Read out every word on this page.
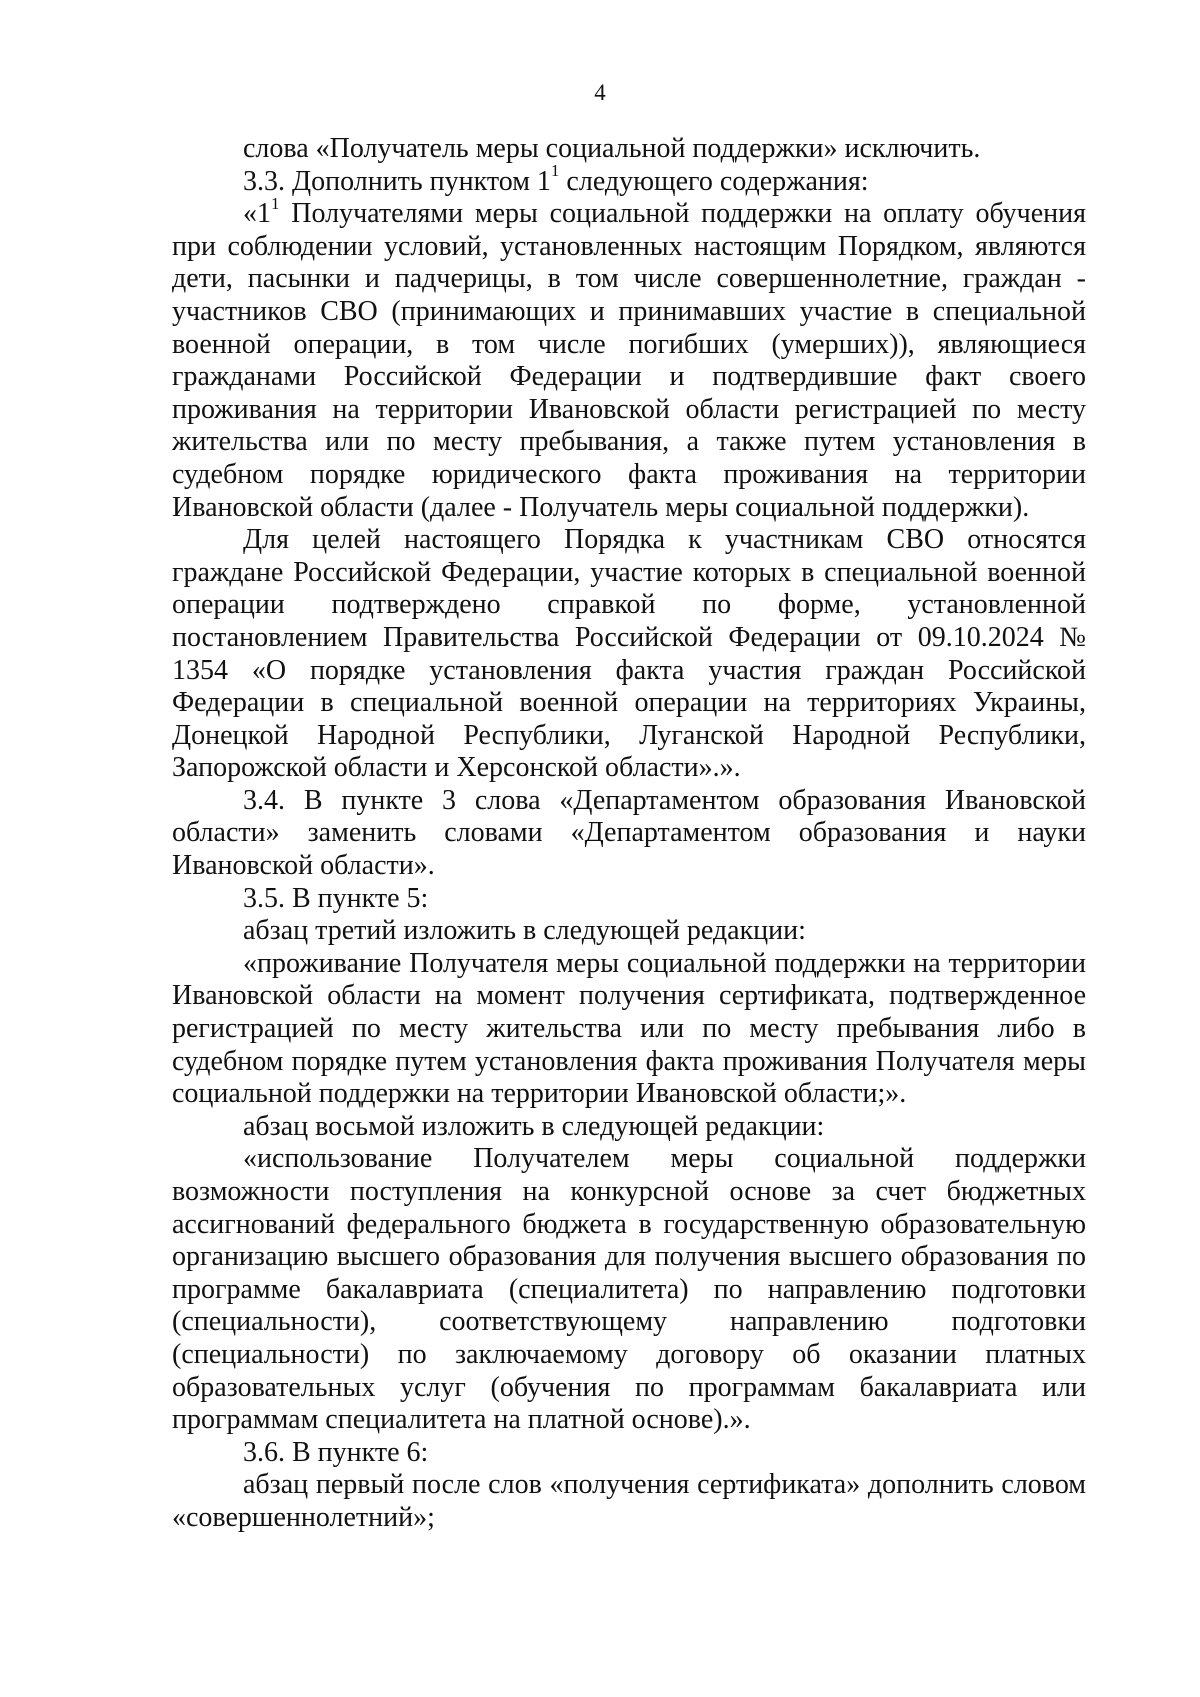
4

слова «Получатель меры социальной поддержки» исключить.

3.3. Дополнить пунктом $1^1$ следующего содержания:

«$1^1$ Получателями меры социальной поддержки на оплату обучения при соблюдении условий, установленных настоящим Порядком, являются дети, пасынки и падчерицы, в том числе совершеннолетние, граждан - участников СВО (принимающих и принимавших участие в специальной военной операции, в том числе погибших (умерших)), являющиеся гражданами Российской Федерации и подтвердившие факт своего проживания на территории Ивановской области регистрацией по месту жительства или по месту пребывания, а также путем установления в судебном порядке юридического факта проживания на территории Ивановской области (далее - Получатель меры социальной поддержки).

Для целей настоящего Порядка к участникам СВО относятся граждане Российской Федерации, участие которых в специальной военной операции подтверждено справкой по форме, установленной постановлением Правительства Российской Федерации от 09.10.2024 № 1354 «О порядке установления факта участия граждан Российской Федерации в специальной военной операции на территориях Украины, Донецкой Народной Республики, Луганской Народной Республики, Запорожской области и Херсонской области».».

3.4. В пункте 3 слова «Департаментом образования Ивановской области» заменить словами «Департаментом образования и науки Ивановской области».

3.5. В пункте 5:

абзац третий изложить в следующей редакции:

«проживание Получателя меры социальной поддержки на территории Ивановской области на момент получения сертификата, подтвержденное регистрацией по месту жительства или по месту пребывания либо в судебном порядке путем установления факта проживания Получателя меры социальной поддержки на территории Ивановской области;».

абзац восьмой изложить в следующей редакции:

«использование Получателем меры социальной поддержки возможности поступления на конкурсной основе за счет бюджетных ассигнований федерального бюджета в государственную образовательную организацию высшего образования для получения высшего образования по программе бакалавриата (специалитета) по направлению подготовки (специальности), соответствующему направлению подготовки (специальности) по заключаемому договору об оказании платных образовательных услуг (обучения по программам бакалавриата или программам специалитета на платной основе).».

3.6. В пункте 6:

абзац первый после слов «получения сертификата» дополнить словом «совершеннолетний»;
